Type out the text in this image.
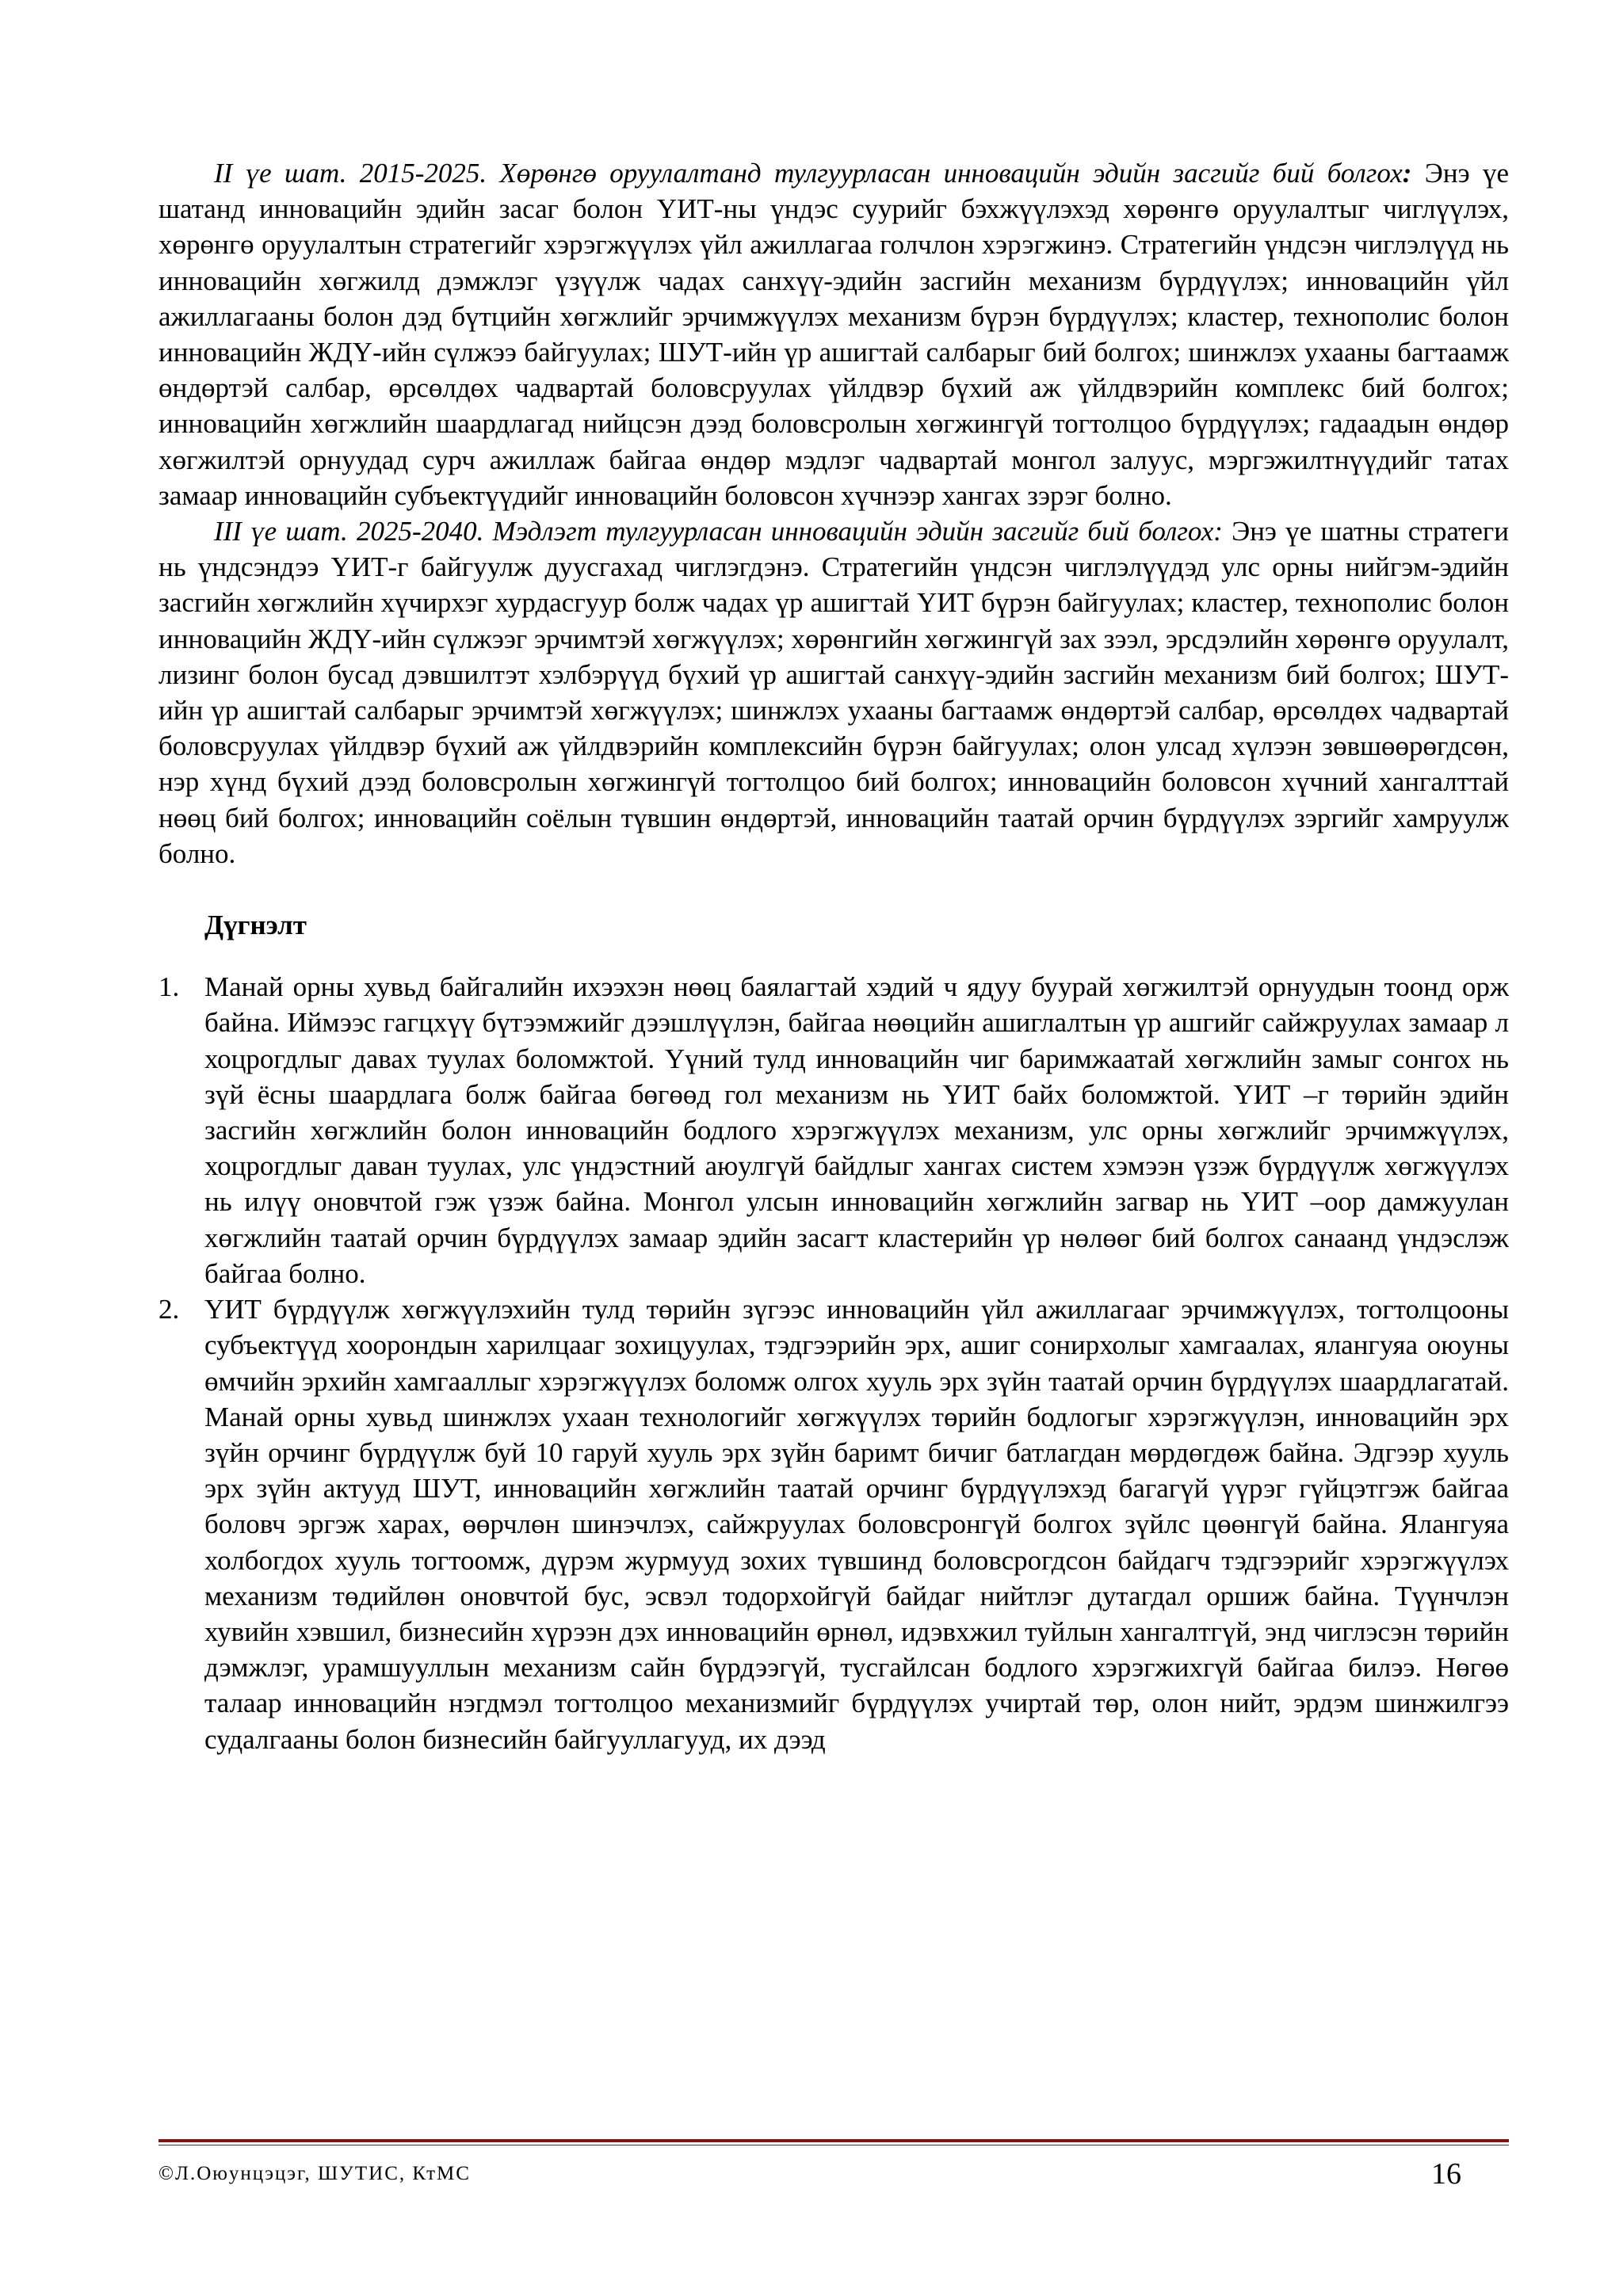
II үе шат. 2015-2025. Хөрөнгө оруулалтанд тулгуурласан инновацийн эдийн засгийг бий болгох: Энэ үе шатанд инновацийн эдийн засаг болон ҮИТ-ны үндэс суурийг бэхжүүлэхэд хөрөнгө оруулалтыг чиглүүлэх, хөрөнгө оруулалтын стратегийг хэрэгжүүлэх үйл ажиллагаа голчлон хэрэгжинэ. Стратегийн үндсэн чиглэлүүд нь инновацийн хөгжилд дэмжлэг үзүүлж чадах санхүү-эдийн засгийн механизм бүрдүүлэх; инновацийн үйл ажиллагааны болон дэд бүтцийн хөгжлийг эрчимжүүлэх механизм бүрэн бүрдүүлэх; кластер, технополис болон инновацийн ЖДҮ-ийн сүлжээ байгуулах; ШУТ-ийн үр ашигтай салбарыг бий болгох; шинжлэх ухааны багтаамж өндөртэй салбар, өрсөлдөх чадвартай боловсруулах үйлдвэр бүхий аж үйлдвэрийн комплекс бий болгох; инновацийн хөгжлийн шаардлагад нийцсэн дээд боловсролын хөгжингүй тогтолцоо бүрдүүлэх; гадаадын өндөр хөгжилтэй орнуудад сурч ажиллаж байгаа өндөр мэдлэг чадвартай монгол залуус, мэргэжилтнүүдийг татах замаар инновацийн субъектүүдийг инновацийн боловсон хүчнээр хангах зэрэг болно.

III үе шат. 2025-2040. Мэдлэгт тулгуурласан инновацийн эдийн засгийг бий болгох: Энэ үе шатны стратеги нь үндсэндээ ҮИТ-г байгуулж дуусгахад чиглэгдэнэ. Стратегийн үндсэн чиглэлүүдэд улс орны нийгэм-эдийн засгийн хөгжлийн хүчирхэг хурдасгуур болж чадах үр ашигтай ҮИТ бүрэн байгуулах; кластер, технополис болон инновацийн ЖДҮ-ийн сүлжээг эрчимтэй хөгжүүлэх; хөрөнгийн хөгжингүй зах зээл, эрсдэлийн хөрөнгө оруулалт, лизинг болон бусад дэвшилтэт хэлбэрүүд бүхий үр ашигтай санхүү-эдийн засгийн механизм бий болгох; ШУТ-ийн үр ашигтай салбарыг эрчимтэй хөгжүүлэх; шинжлэх ухааны багтаамж өндөртэй салбар, өрсөлдөх чадвартай боловсруулах үйлдвэр бүхий аж үйлдвэрийн комплексийн бүрэн байгуулах; олон улсад хүлээн зөвшөөрөгдсөн, нэр хүнд бүхий дээд боловсролын хөгжингүй тогтолцоо бий болгох; инновацийн боловсон хүчний хангалттай нөөц бий болгох; инновацийн соёлын түвшин өндөртэй, инновацийн таатай орчин бүрдүүлэх зэргийг хамруулж болно.

Дүгнэлт
1. Манай орны хувьд байгалийн ихээхэн нөөц баялагтай хэдий ч ядуу буурай хөгжилтэй орнуудын тоонд орж байна. Иймээс гагцхүү бүтээмжийг дээшлүүлэн, байгаа нөөцийн ашиглалтын үр ашгийг сайжруулах замаар л хоцрогдлыг давах туулах боломжтой. Үүний тулд инновацийн чиг баримжаатай хөгжлийн замыг сонгох нь зүй ёсны шаардлага болж байгаа бөгөөд гол механизм нь ҮИТ байх боломжтой. ҮИТ –г төрийн эдийн засгийн хөгжлийн болон инновацийн бодлого хэрэгжүүлэх механизм, улс орны хөгжлийг эрчимжүүлэх, хоцрогдлыг даван туулах, улс үндэстний аюулгүй байдлыг хангах систем хэмээн үзэж бүрдүүлж хөгжүүлэх нь илүү оновчтой гэж үзэж байна. Монгол улсын инновацийн хөгжлийн загвар нь ҮИТ –оор дамжуулан хөгжлийн таатай орчин бүрдүүлэх замаар эдийн засагт кластерийн үр нөлөөг бий болгох санаанд үндэслэж байгаа болно.
2. ҮИТ бүрдүүлж хөгжүүлэхийн тулд төрийн зүгээс инновацийн үйл ажиллагааг эрчимжүүлэх, тогтолцооны субъектүүд хоорондын харилцааг зохицуулах, тэдгээрийн эрх, ашиг сонирхолыг хамгаалах, ялангуяа оюуны өмчийн эрхийн хамгааллыг хэрэгжүүлэх боломж олгох хууль эрх зүйн таатай орчин бүрдүүлэх шаардлагатай. Манай орны хувьд шинжлэх ухаан технологийг хөгжүүлэх төрийн бодлогыг хэрэгжүүлэн, инновацийн эрх зүйн орчинг бүрдүүлж буй 10 гаруй хууль эрх зүйн баримт бичиг батлагдан мөрдөгдөж байна. Эдгээр хууль эрх зүйн актууд ШУТ, инновацийн хөгжлийн таатай орчинг бүрдүүлэхэд багагүй үүрэг гүйцэтгэж байгаа боловч эргэж харах, өөрчлөн шинэчлэх, сайжруулах боловсронгүй болгох зүйлс цөөнгүй байна. Ялангуяа холбогдох хууль тогтоомж, дүрэм журмууд зохих түвшинд боловсрогдсон байдагч тэдгээрийг хэрэгжүүлэх механизм төдийлөн оновчтой бус, эсвэл тодорхойгүй байдаг нийтлэг дутагдал оршиж байна. Түүнчлэн хувийн хэвшил, бизнесийн хүрээн дэх инновацийн өрнөл, идэвхжил туйлын хангалтгүй, энд чиглэсэн төрийн дэмжлэг, урамшууллын механизм сайн бүрдээгүй, тусгайлсан бодлого хэрэгжихгүй байгаа билээ. Нөгөө талаар инновацийн нэгдмэл тогтолцоо механизмийг бүрдүүлэх учиртай төр, олон нийт, эрдэм шинжилгээ судалгааны болон бизнесийн байгууллагууд, их дээд
©Л.Оюунцэцэг, ШУТИС, КтМС	16
